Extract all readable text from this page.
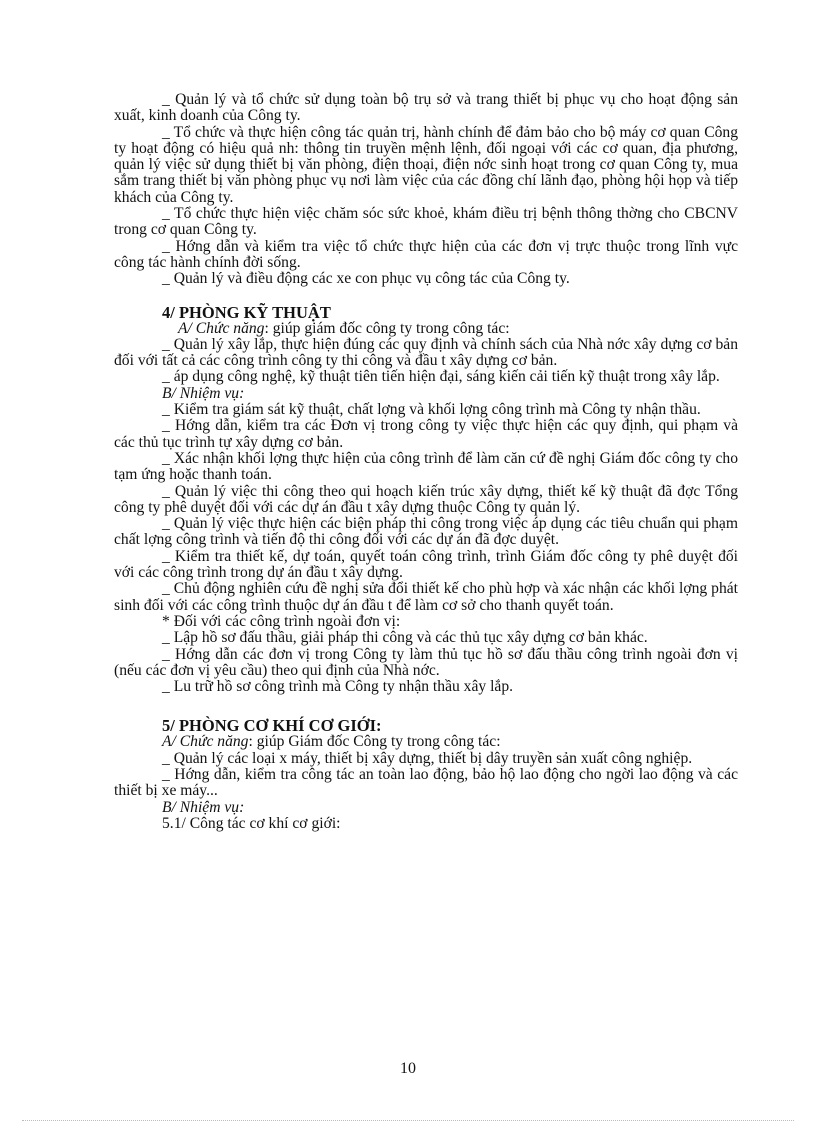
_ Quản lý và tổ chức sử dụng toàn bộ trụ sở và trang thiết bị phục vụ cho hoạt động sản xuất, kinh doanh của Công ty.

_ Tổ chức và thực hiện công tác quản trị, hành chính để đảm bảo cho bộ máy cơ quan Công ty hoạt động có hiệu quả nh: thông tin truyền mệnh lệnh, đối ngoại với các cơ quan, địa phương, quản lý việc sử dụng thiết bị văn phòng, điện thoại, điện nớc sinh hoạt trong cơ quan Công ty, mua sắm trang thiết bị văn phòng phục vụ nơi làm việc của các đồng chí lãnh đạo, phòng hội họp và tiếp khách của Công ty.

_ Tổ chức thực hiện việc chăm sóc sức khoẻ, khám điều trị bệnh thông thờng cho CBCNV trong cơ quan Công ty.

_ Hớng dẫn và kiểm tra việc tổ chức thực hiện của các đơn vị trực thuộc trong lĩnh vực công tác hành chính đời sống.

_ Quản lý và điều động các xe con phục vụ công tác của Công ty.

4/ PHÒNG KỸ THUẬT

A/ Chức năng: giúp giám đốc công ty trong công tác:

_ Quản lý xây lắp, thực hiện đúng các quy định và chính sách của Nhà nớc xây dựng cơ bản đối với tất cả các công trình công ty thi công và đầu t xây dựng cơ bản.

_ áp dụng công nghệ, kỹ thuật tiên tiến hiện đại, sáng kiến cải tiến kỹ thuật trong xây lắp.

B/ Nhiệm vụ:

_ Kiểm tra giám sát kỹ thuật, chất lợng và khối lợng công trình mà Công ty nhận thầu.

_ Hớng dẫn, kiểm tra các Đơn vị trong công ty việc thực hiện các quy định, qui phạm và các thủ tục trình tự xây dựng cơ bản.

_ Xác nhận khối lợng thực hiện của công trình để làm căn cứ đề nghị Giám đốc công ty cho tạm ứng hoặc thanh toán.

_ Quản lý việc thi công theo qui hoạch kiến trúc xây dựng, thiết kế kỹ thuật đã đợc Tổng công ty phê duyệt đối với các dự án đầu t xây dựng thuộc Công ty quản lý.

_ Quản lý việc thực hiện các biện pháp thi công trong việc áp dụng các tiêu chuẩn qui phạm chất lợng công trình và tiến độ thi công đối với các dự án đã đợc duyệt.

_ Kiểm tra thiết kế, dự toán, quyết toán công trình, trình Giám đốc công ty phê duyệt đối với các công trình trong dự án đầu t xây dựng.

_ Chủ động nghiên cứu đề nghị sửa đổi thiết kế cho phù hợp và xác nhận các khối lợng phát sinh đối với các công trình thuộc dự án đầu t để làm cơ sở cho thanh quyết toán.

* Đối với các công trình ngoài đơn vị:

_ Lập hồ sơ đấu thầu, giải pháp thi công và các thủ tục xây dựng cơ bản khác.

_ Hớng dẫn các đơn vị trong Công ty làm thủ tục hồ sơ đấu thầu công trình ngoài đơn vị (nếu các đơn vị yêu cầu) theo qui định của Nhà nớc.

_ Lu trữ hồ sơ công trình mà Công ty nhận thầu xây lắp.

5/ PHÒNG CƠ KHÍ CƠ GIỚI:

A/ Chức năng: giúp Giám đốc Công ty trong công tác:

_ Quản lý các loại x máy, thiết bị xây dựng, thiết bị dây truyền sản xuất công nghiệp.

_ Hớng dẫn, kiểm tra công tác an toàn lao động, bảo hộ lao động cho ngời lao động và các thiết bị xe máy...

B/ Nhiệm vụ:

5.1/ Công tác cơ khí cơ giới:

10
